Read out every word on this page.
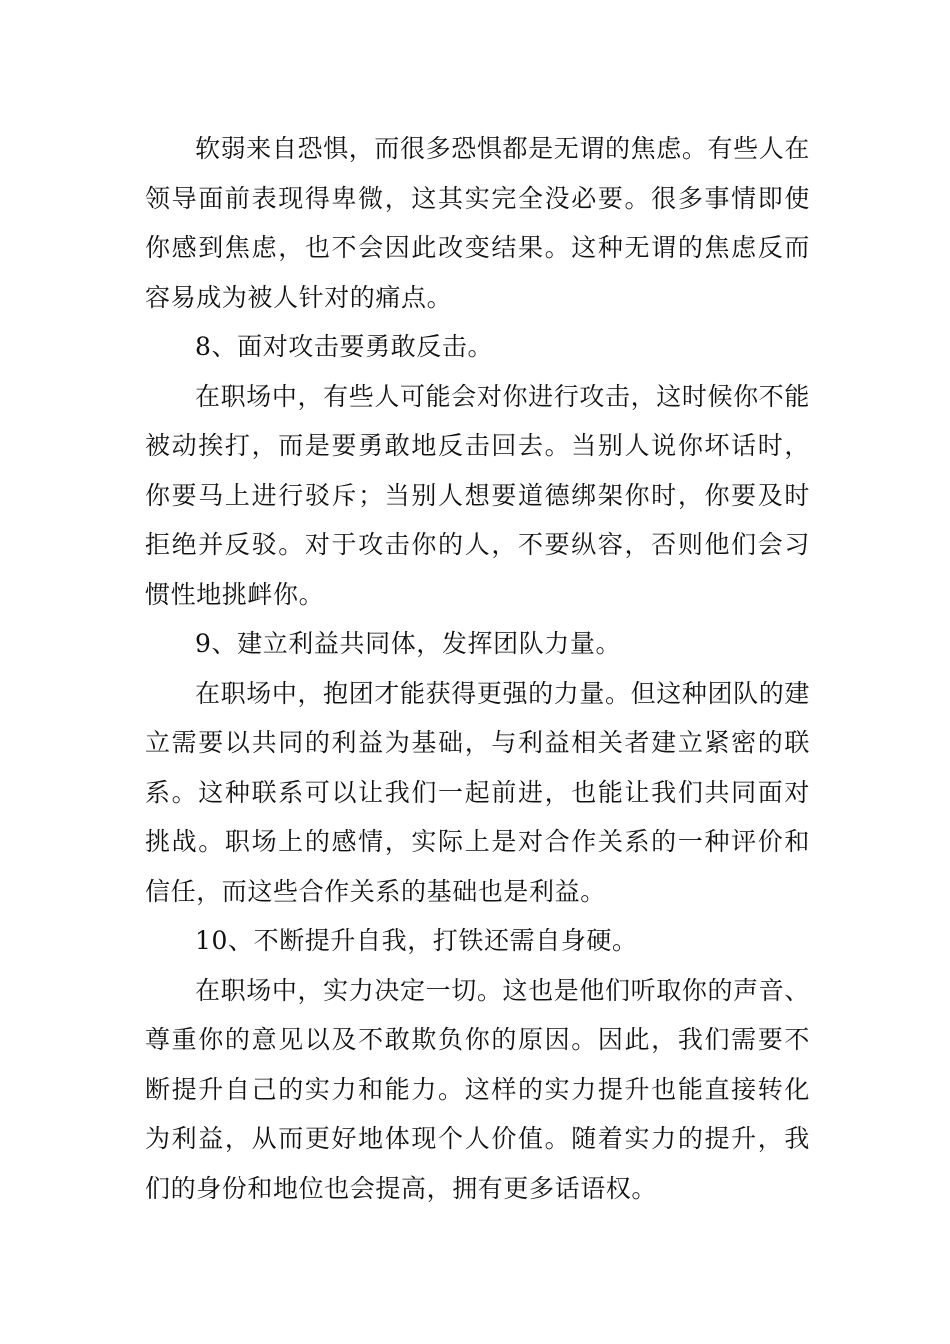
软弱来自恐惧，而很多恐惧都是无谓的焦虑。有些人在领导面前表现得卑微，这其实完全没必要。很多事情即使你感到焦虑，也不会因此改变结果。这种无谓的焦虑反而容易成为被人针对的痛点。

8、面对攻击要勇敢反击。

在职场中，有些人可能会对你进行攻击，这时候你不能被动挨打，而是要勇敢地反击回去。当别人说你坏话时，你要马上进行驳斥；当别人想要道德绑架你时，你要及时拒绝并反驳。对于攻击你的人，不要纵容，否则他们会习惯性地挑衅你。

9、建立利益共同体，发挥团队力量。

在职场中，抱团才能获得更强的力量。但这种团队的建立需要以共同的利益为基础，与利益相关者建立紧密的联系。这种联系可以让我们一起前进，也能让我们共同面对挑战。职场上的感情，实际上是对合作关系的一种评价和信任，而这些合作关系的基础也是利益。

10、不断提升自我，打铁还需自身硬。

在职场中，实力决定一切。这也是他们听取你的声音、尊重你的意见以及不敢欺负你的原因。因此，我们需要不断提升自己的实力和能力。这样的实力提升也能直接转化为利益，从而更好地体现个人价值。随着实力的提升，我们的身份和地位也会提高，拥有更多话语权。
